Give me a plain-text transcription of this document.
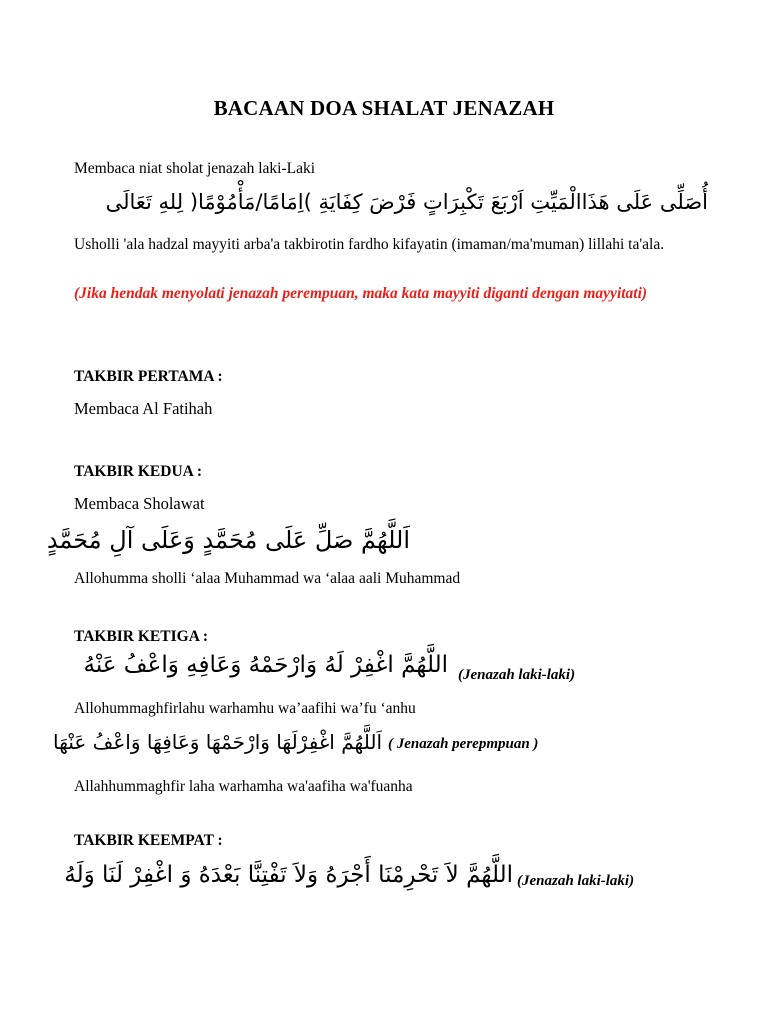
BACAAN DOA SHALAT JENAZAH
Membaca niat sholat jenazah laki-Laki
أُصَلِّى عَلَى هَذَاالْمَيِّتِ اَرْبَعَ تَكْبِرَاتٍ فَرْضَ كِفَايَةِ )اِمَامًا/مَأْمُوْمًا( لِلهِ تَعَالَى
Usholli 'ala hadzal mayyiti arba'a takbirotin fardho kifayatin (imaman/ma'muman) lillahi ta'ala.
(Jika hendak menyolati jenazah perempuan, maka kata mayyiti diganti dengan mayyitati)
TAKBIR PERTAMA :
Membaca Al Fatihah
TAKBIR KEDUA :
Membaca Sholawat
اَللَّهُمَّ صَلِّ عَلَى مُحَمَّدٍ وَعَلَى آلِ مُحَمَّدٍ
Allohumma sholli ‘alaa Muhammad wa ‘alaa aali Muhammad
TAKBIR KETIGA :
اللَّهُمَّ اغْفِرْ لَهُ وَارْحَمْهُ وَعَافِهِ وَاعْفُ عَنْهُ (Jenazah laki-laki)
Allohummaghfirlahu warhamhu wa’aafihi wa’fu ‘anhu
اَللَّهُمَّ اغْفِرْلَهَا وَارْحَمْهَا وَعَافِهَا وَاعْفُ عَنْهَا ( Jenazah perepmpuan )
Allahhummaghfir laha warhamha wa'aafiha wa'fuanha
TAKBIR KEEMPAT :
اللَّهُمَّ لاَ تَحْرِمْنَا أَجْرَهُ وَلاَ تَفْتِنَّا بَعْدَهُ وَ اغْفِرْ لَنَا وَلَهُ (Jenazah laki-laki)
